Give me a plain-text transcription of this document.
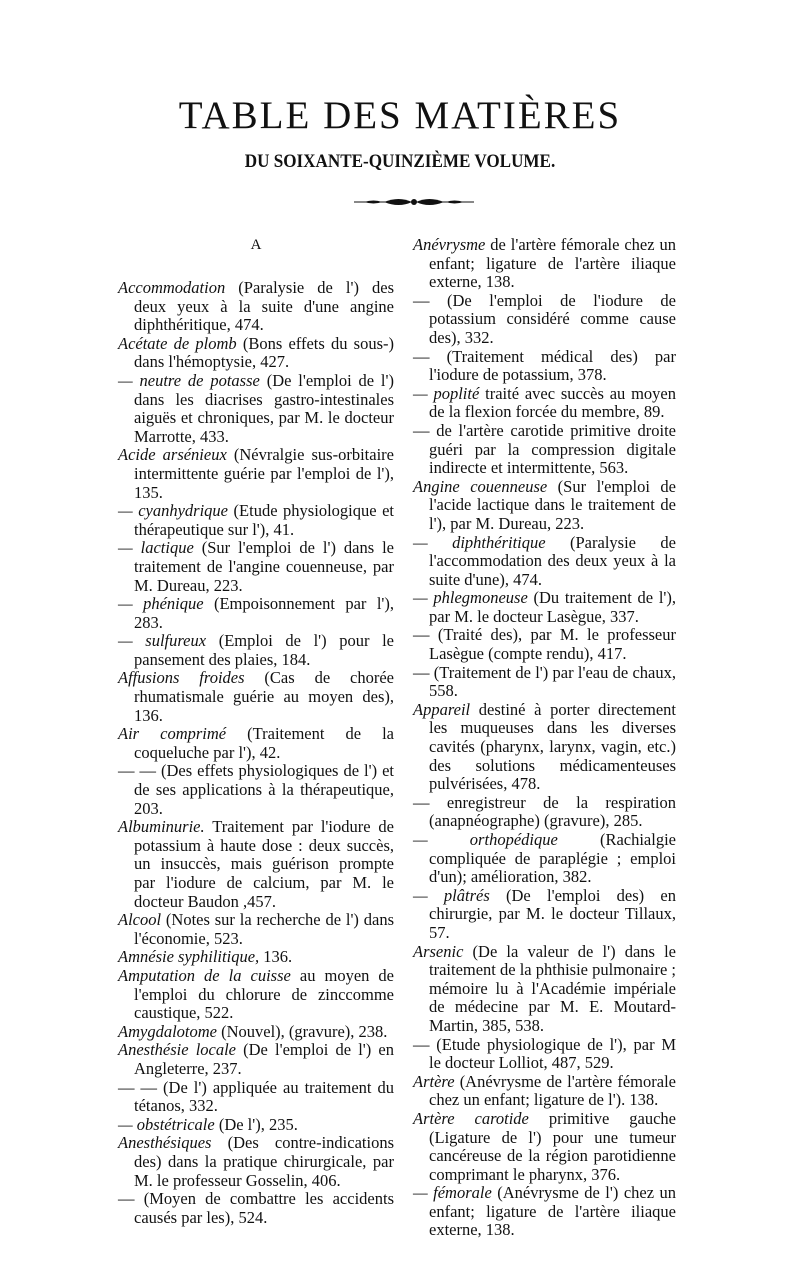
TABLE DES MATIÈRES
DU SOIXANTE-QUINZIÈME VOLUME.
A

Accommodation (Paralysie de l') des deux yeux à la suite d'une angine diphthéritique, 474.

Acétate de plomb (Bons effets du sous-) dans l'hémoptysie, 427.

— neutre de potasse (De l'emploi de l') dans les diacrises gastro-intestinales aiguës et chroniques, par M. le docteur Marrotte, 433.

Acide arsénieux (Névralgie sus-orbitaire intermittente guérie par l'emploi de l'), 135.

— cyanhydrique (Etude physiologique et thérapeutique sur l'), 41.

— lactique (Sur l'emploi de l') dans le traitement de l'angine couenneuse, par M. Dureau, 223.

— phénique (Empoisonnement par l'), 283.

— sulfureux (Emploi de l') pour le pansement des plaies, 184.

Affusions froides (Cas de chorée rhumatismale guérie au moyen des), 136.

Air comprimé (Traitement de la coqueluche par l'), 42.

— — (Des effets physiologiques de l') et de ses applications à la thérapeutique, 203.

Albuminurie. Traitement par l'iodure de potassium à haute dose : deux succès, un insuccès, mais guérison prompte par l'iodure de calcium, par M. le docteur Baudon ,457.

Alcool (Notes sur la recherche de l') dans l'économie, 523.

Amnésie syphilitique, 136.

Amputation de la cuisse au moyen de l'emploi du chlorure de zinccomme caustique, 522.

Amygdalotome (Nouvel), (gravure), 238.

Anesthésie locale (De l'emploi de l') en Angleterre, 237.

— — (De l') appliquée au traitement du tétanos, 332.

— obstétricale (De l'), 235.

Anesthésiques (Des contre-indications des) dans la pratique chirurgicale, par M. le professeur Gosselin, 406.

— (Moyen de combattre les accidents causés par les), 524.

Anévrysme de l'artère fémorale chez un enfant; ligature de l'artère iliaque externe, 138.

— (De l'emploi de l'iodure de potassium considéré comme cause des), 332.

— (Traitement médical des) par l'iodure de potassium, 378.

— poplité traité avec succès au moyen de la flexion forcée du membre, 89.

— de l'artère carotide primitive droite guéri par la compression digitale indirecte et intermittente, 563.

Angine couenneuse (Sur l'emploi de l'acide lactique dans le traitement de l'), par M. Dureau, 223.

— diphthéritique (Paralysie de l'accommodation des deux yeux à la suite d'une), 474.

— phlegmoneuse (Du traitement de l'), par M. le docteur Lasègue, 337.

— (Traité des), par M. le professeur Lasègue (compte rendu), 417.

— (Traitement de l') par l'eau de chaux, 558.

Appareil destiné à porter directement les muqueuses dans les diverses cavités (pharynx, larynx, vagin, etc.) des solutions médicamenteuses pulvérisées, 478.

— enregistreur de la respiration (anapnéographe) (gravure), 285.

— orthopédique (Rachialgie compliquée de paraplégie ; emploi d'un); amélioration, 382.

— plâtrés (De l'emploi des) en chirurgie, par M. le docteur Tillaux, 57.

Arsenic (De la valeur de l') dans le traitement de la phthisie pulmonaire ; mémoire lu à l'Académie impériale de médecine par M. E. Moutard-Martin, 385, 538.

— (Etude physiologique de l'), par M le docteur Lolliot, 487, 529.

Artère (Anévrysme de l'artère fémorale chez un enfant; ligature de l'). 138.

Artère carotide primitive gauche (Ligature de l') pour une tumeur cancéreuse de la région parotidienne comprimant le pharynx, 376.

— fémorale (Anévrysme de l') chez un enfant; ligature de l'artère iliaque externe, 138.
